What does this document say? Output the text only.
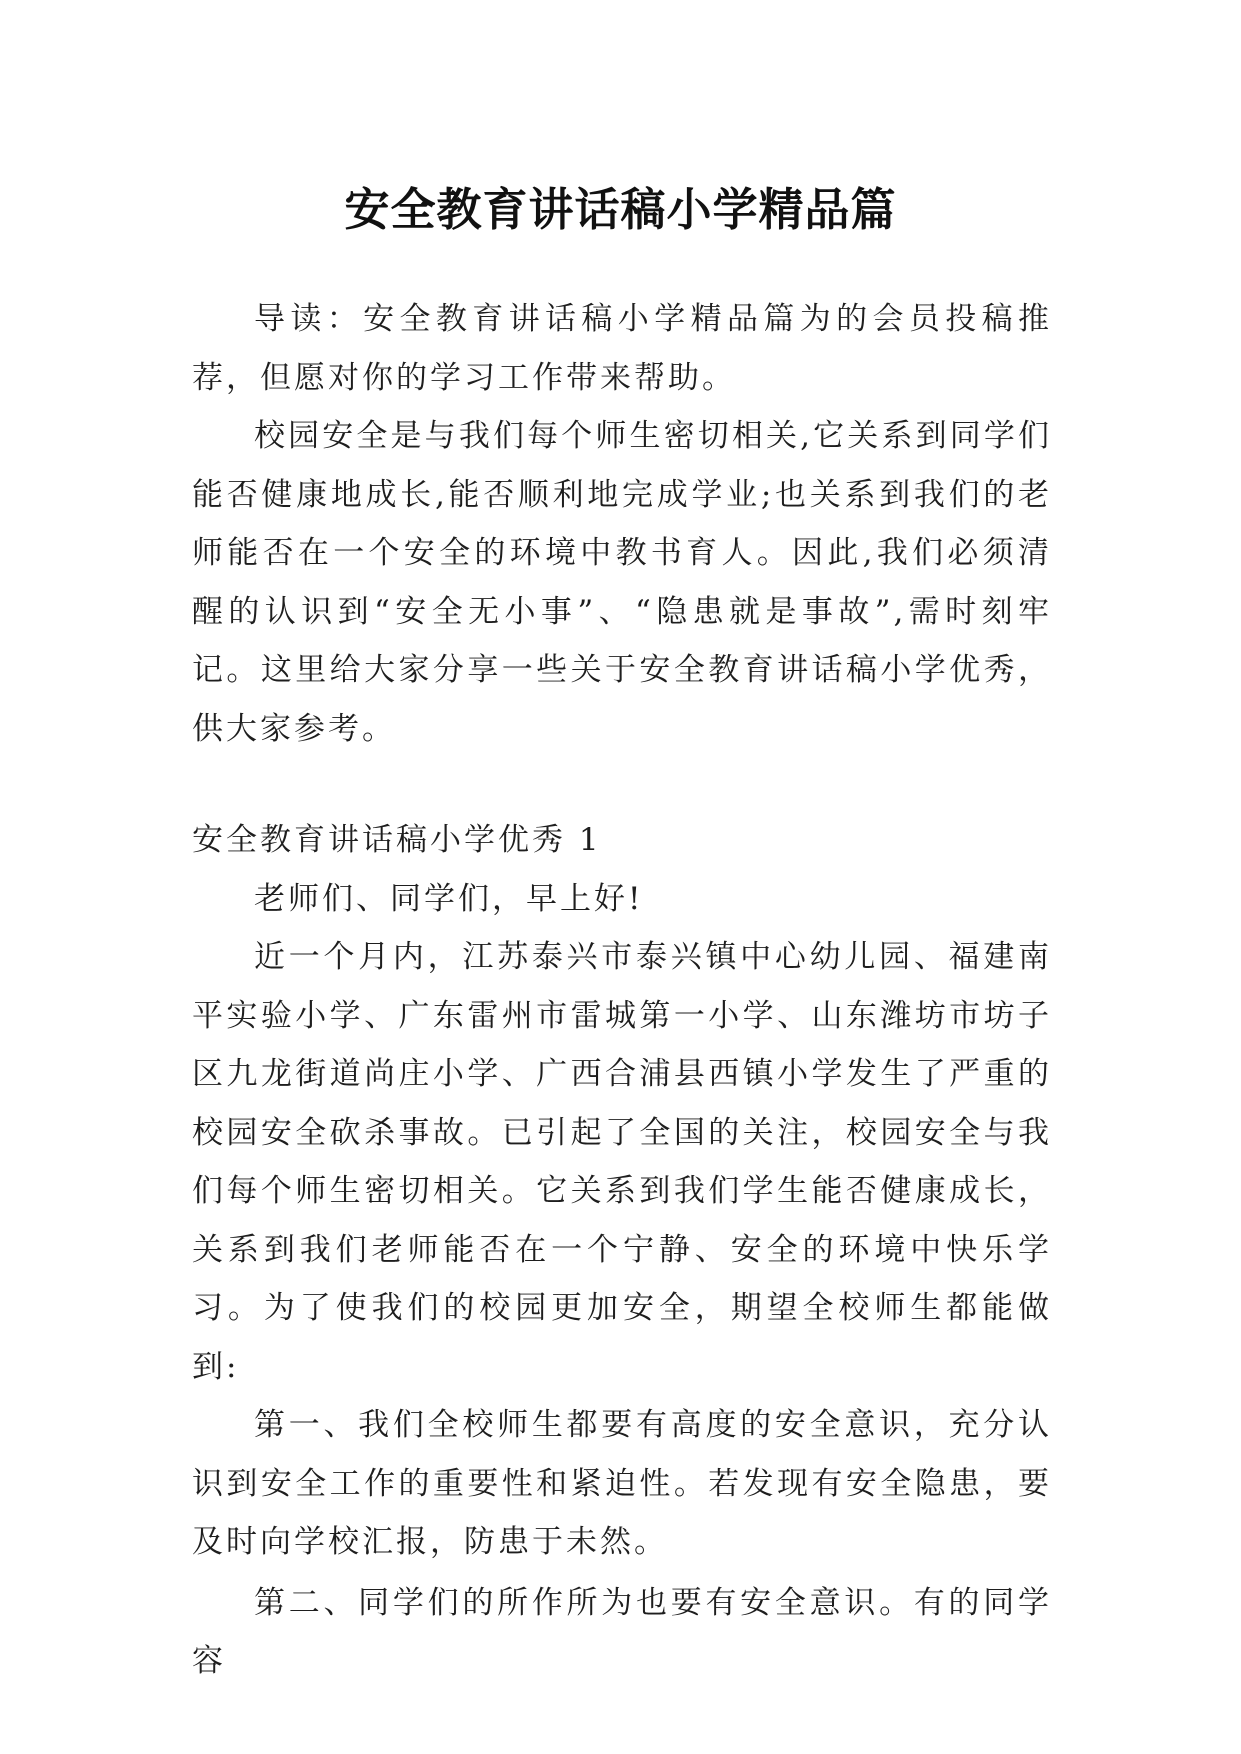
安全教育讲话稿小学精品篇

导读：安全教育讲话稿小学精品篇为的会员投稿推荐，但愿对你的学习工作带来帮助。

校园安全是与我们每个师生密切相关,它关系到同学们能否健康地成长,能否顺利地完成学业;也关系到我们的老师能否在一个安全的环境中教书育人。因此,我们必须清醒的认识到“安全无小事”、“隐患就是事故”,需时刻牢记。这里给大家分享一些关于安全教育讲话稿小学优秀，供大家参考。

安全教育讲话稿小学优秀 1

老师们、同学们，早上好!

近一个月内，江苏泰兴市泰兴镇中心幼儿园、福建南平实验小学、广东雷州市雷城第一小学、山东潍坊市坊子区九龙街道尚庄小学、广西合浦县西镇小学发生了严重的校园安全砍杀事故。已引起了全国的关注，校园安全与我们每个师生密切相关。它关系到我们学生能否健康成长，关系到我们老师能否在一个宁静、安全的环境中快乐学习。为了使我们的校园更加安全，期望全校师生都能做到:

第一、我们全校师生都要有高度的安全意识，充分认识到安全工作的重要性和紧迫性。若发现有安全隐患，要及时向学校汇报，防患于未然。

第二、同学们的所作所为也要有安全意识。有的同学容
